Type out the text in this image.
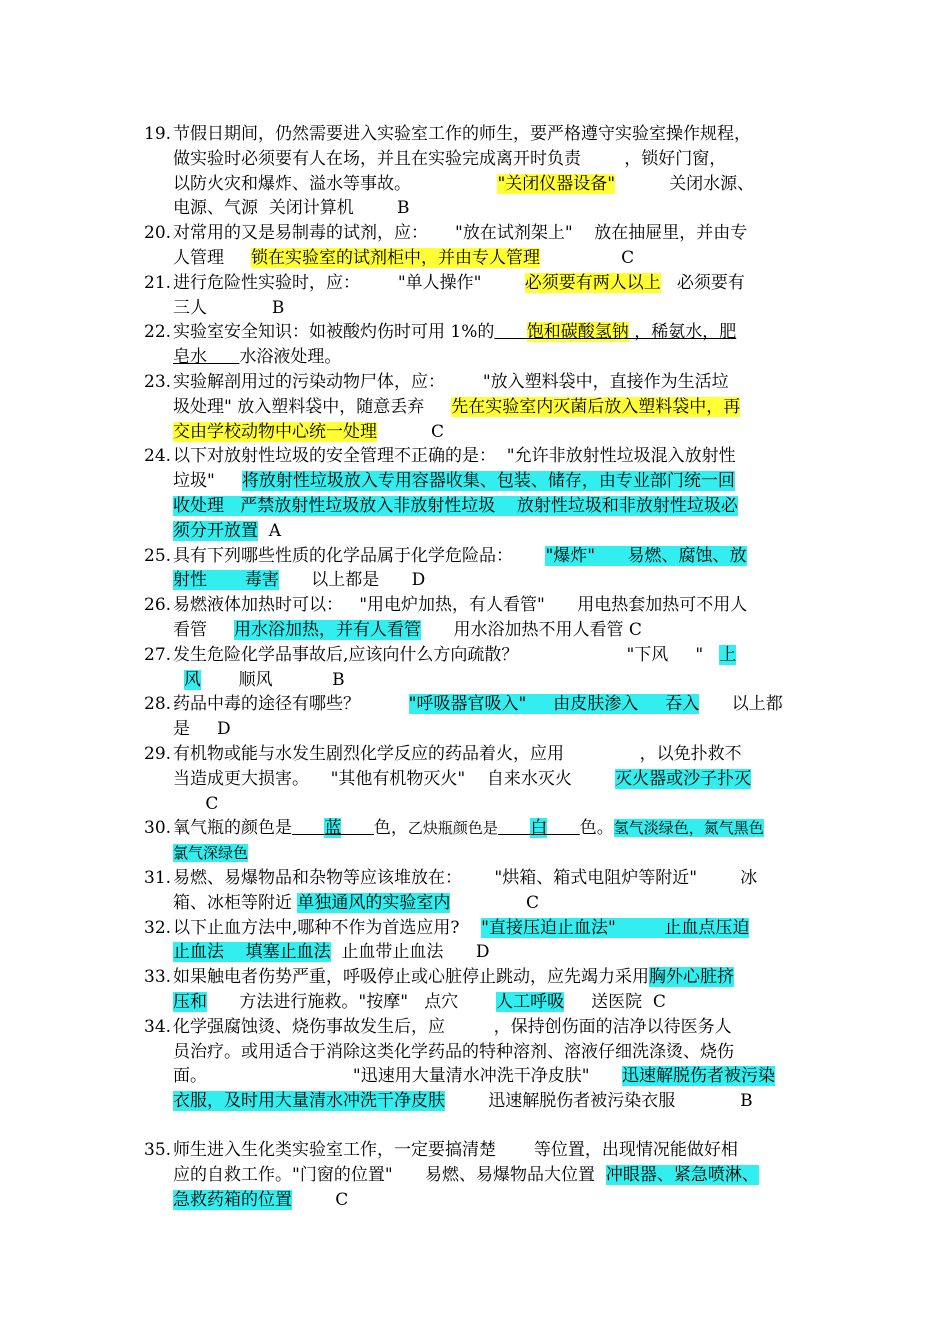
19. 节假日期间，仍然需要进入实验室工作的师生，要严格遵守实验室操作规程，
做实验时必须要有人在场，并且在实验完成离开时负责        ，锁好门窗，
以防火灾和爆炸、溢水等事故。                "关闭仪器设备"          关闭水源、
电源、气源  关闭计算机        B
20. 对常用的又是易制毒的试剂，应：     "放在试剂架上"    放在抽屉里，并由专
人管理     锁在实验室的试剂柜中，并由专人管理               C
21. 进行危险性实验时，应：       "单人操作"        必须要有两人以上   必须要有
三人            B
22. 实验室安全知识：如被酸灼伤时可用 1%的 饱和碳酸氢钠 ，稀氨水，肥
皂水 水浴液处理。
23. 实验解剖用过的污染动物尸体，应：       "放入塑料袋中，直接作为生活垃
圾处理" 放入塑料袋中，随意丢弃     先在实验室内灭菌后放入塑料袋中，再
交由学校动物中心统一处理          C
24. 以下对放射性垃圾的安全管理不正确的是：  "允许非放射性垃圾混入放射性
垃圾"     将放射性垃圾放入专用容器收集、包装、储存，由专业部门统一回
收处理   严禁放射性垃圾放入非放射性垃圾    放射性垃圾和非放射性垃圾必
须分开放置  A
25. 具有下列哪些性质的化学品属于化学危险品：      "爆炸"      易燃、腐蚀、放
射性       毒害      以上都是      D
26. 易燃液体加热时可以：   "用电炉加热，有人看管"      用电热套加热可不用人
看管     用水浴加热，并有人看管      用水浴加热不用人看管 C
27. 发生危险化学品事故后,应该向什么方向疏散？                    "下风     "   上
风       顺风           B
28. 药品中毒的途径有哪些？         "呼吸器官吸入"     由皮肤渗入     吞入      以上都
是     D
29. 有机物或能与水发生剧烈化学反应的药品着火，应用              ，以免扑救不
当造成更大损害。    "其他有机物灭火"    自来水灭火        灭火器或沙子扑灭
C
30. 氧气瓶的颜色是 蓝 色，乙炔瓶颜色是 白 色。氢气淡绿色，氮气黑色
氯气深绿色
31. 易燃、易爆物品和杂物等应该堆放在：      "烘箱、箱式电阻炉等附近"        冰
箱、冰柜等附近 单独通风的实验室内              C
32. 以下止血方法中,哪种不作为首选应用?    "直接压迫止血法"         止血点压迫
止血法    填塞止血法  止血带止血法      D
33. 如果触电者伤势严重，呼吸停止或心脏停止跳动，应先竭力采用胸外心脏挤
压和      方法进行施救。"按摩"   点穴       人工呼吸     送医院  C
34. 化学强腐蚀烫、烧伤事故发生后，应         ，保持创伤面的洁净以待医务人
员治疗。或用适合于消除这类化学药品的特种溶剂、溶液仔细洗涤烫、烧伤
面。                           "迅速用大量清水冲洗干净皮肤"      迅速解脱伤者被污染
衣服，及时用大量清水冲洗干净皮肤        迅速解脱伤者被污染衣服            B
35. 师生进入生化类实验室工作，一定要搞清楚       等位置，出现情况能做好相
应的自救工作。"门窗的位置"      易燃、易爆物品大位置  冲眼器、紧急喷淋、
急救药箱的位置        C
